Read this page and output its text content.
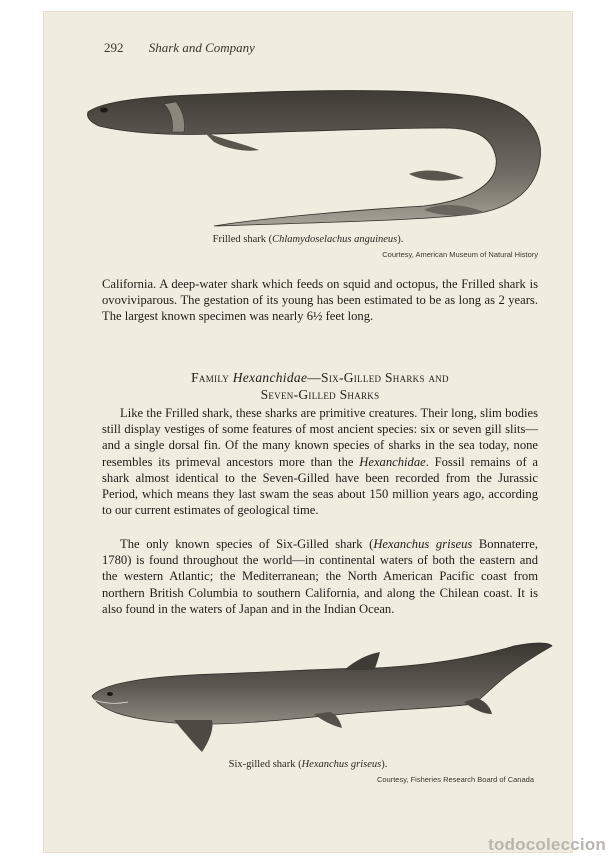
292 Shark and Company
Frilled shark (Chlamydoselachus anguineus).
Courtesy, American Museum of Natural History

California. A deep-water shark which feeds on squid and octopus, the Frilled shark is ovoviviparous. The gestation of its young has been estimated to be as long as 2 years. The largest known specimen was nearly 6½ feet long.

Family Hexanchidae—Six-Gilled Sharks and
Seven-Gilled Sharks

Like the Frilled shark, these sharks are primitive creatures. Their long, slim bodies still display vestiges of some features of most ancient species: six or seven gill slits—and a single dorsal fin. Of the many known species of sharks in the sea today, none resembles its primeval ancestors more than the Hexanchidae. Fossil remains of a shark almost identical to the Seven-Gilled have been recorded from the Jurassic Period, which means they last swam the seas about 150 million years ago, according to our current estimates of geological time.

The only known species of Six-Gilled shark (Hexanchus griseus Bonnaterre, 1780) is found throughout the world—in continental waters of both the eastern and the western Atlantic; the Mediterranean; the North American Pacific coast from northern British Columbia to southern California, and along the Chilean coast. It is also found in the waters of Japan and in the Indian Ocean.

Six-gilled shark (Hexanchus griseus).
Courtesy, Fisheries Research Board of Canada
todocoleccion
